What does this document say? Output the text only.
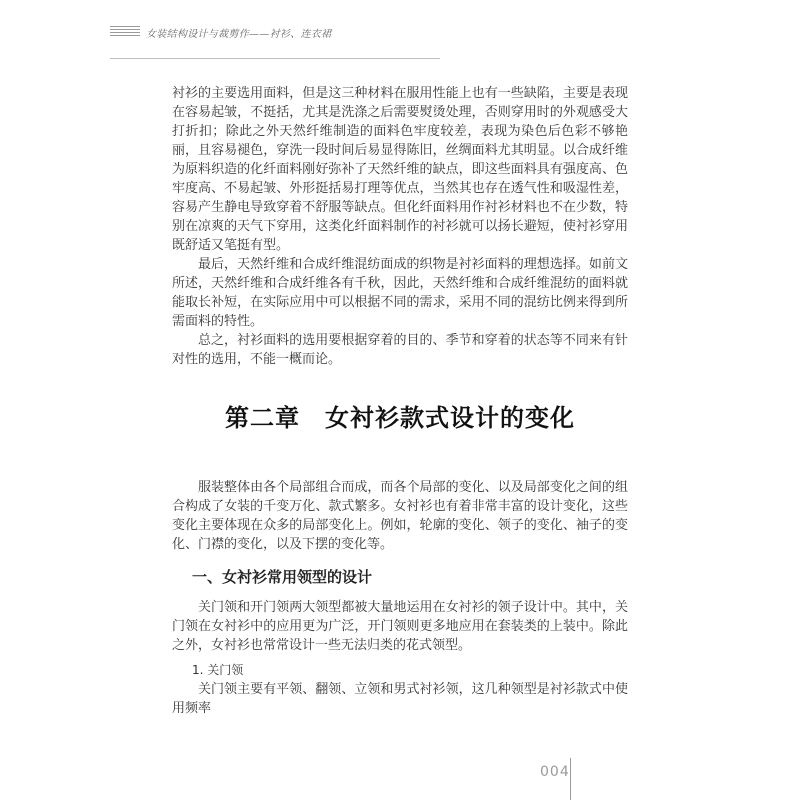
女装结构设计与裁剪作——衬衫、连衣裙

衬衫的主要选用面料，但是这三种材料在服用性能上也有一些缺陷，主要是表现在容易起皱，不挺括，尤其是洗涤之后需要熨烫处理，否则穿用时的外观感受大打折扣；除此之外天然纤维制造的面料色牢度较差，表现为染色后色彩不够艳丽，且容易褪色，穿洗一段时间后易显得陈旧，丝绸面料尤其明显。以合成纤维为原料织造的化纤面料刚好弥补了天然纤维的缺点，即这些面料具有强度高、色牢度高、不易起皱、外形挺括易打理等优点，当然其也存在透气性和吸湿性差，容易产生静电导致穿着不舒服等缺点。但化纤面料用作衬衫材料也不在少数，特别在凉爽的天气下穿用，这类化纤面料制作的衬衫就可以扬长避短，使衬衫穿用既舒适又笔挺有型。

最后，天然纤维和合成纤维混纺面成的织物是衬衫面料的理想选择。如前文所述，天然纤维和合成纤维各有千秋，因此，天然纤维和合成纤维混纺的面料就能取长补短，在实际应用中可以根据不同的需求，采用不同的混纺比例来得到所需面料的特性。

总之，衬衫面料的选用要根据穿着的目的、季节和穿着的状态等不同来有针对性的选用，不能一概而论。

第二章　女衬衫款式设计的变化

服装整体由各个局部组合而成，而各个局部的变化、以及局部变化之间的组合构成了女装的千变万化、款式繁多。女衬衫也有着非常丰富的设计变化，这些变化主要体现在众多的局部变化上。例如，轮廓的变化、领子的变化、袖子的变化、门襟的变化，以及下摆的变化等。

一、女衬衫常用领型的设计

关门领和开门领两大领型都被大量地运用在女衬衫的领子设计中。其中，关门领在女衬衫中的应用更为广泛，开门领则更多地应用在套装类的上装中。除此之外，女衬衫也常常设计一些无法归类的花式领型。

1. 关门领

关门领主要有平领、翻领、立领和男式衬衫领，这几种领型是衬衫款式中使用频率

004
